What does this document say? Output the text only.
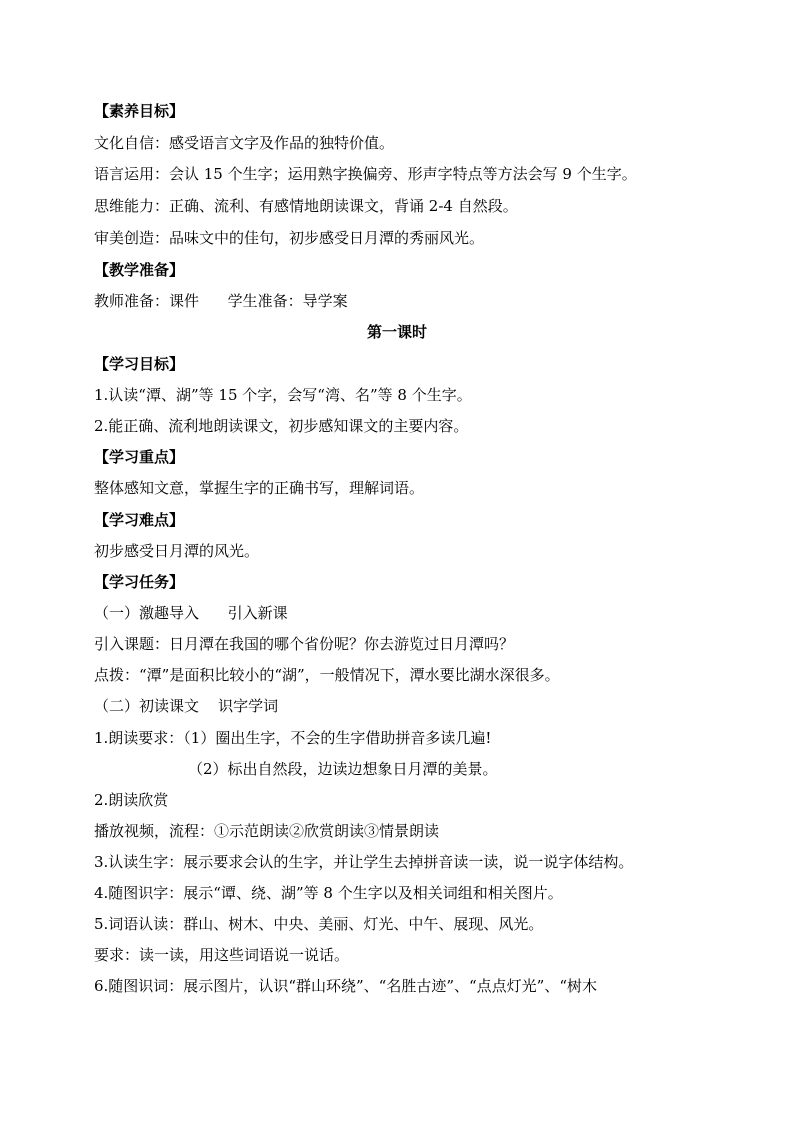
【素养目标】
文化自信：感受语言文字及作品的独特价值。
语言运用：会认 15 个生字；运用熟字换偏旁、形声字特点等方法会写 9 个生字。
思维能力：正确、流利、有感情地朗读课文，背诵 2-4 自然段。
审美创造：品味文中的佳句，初步感受日月潭的秀丽风光。
【教学准备】
教师准备：课件      学生准备：导学案
第一课时
【学习目标】
1.认读“潭、湖”等 15 个字，会写“湾、名”等 8 个生字。
2.能正确、流利地朗读课文，初步感知课文的主要内容。
【学习重点】
整体感知文意，掌握生字的正确书写，理解词语。
【学习难点】
初步感受日月潭的风光。
【学习任务】
（一）激趣导入      引入新课
引入课题：日月潭在我国的哪个省份呢？你去游览过日月潭吗？
点拨：“潭”是面积比较小的“湖”，一般情况下，潭水要比湖水深很多。
（二）初读课文    识字学词
1.朗读要求：（1）圈出生字，不会的生字借助拼音多读几遍!
（2）标出自然段，边读边想象日月潭的美景。
2.朗读欣赏
播放视频，流程：①示范朗读②欣赏朗读③情景朗读
3.认读生字：展示要求会认的生字，并让学生去掉拼音读一读，说一说字体结构。
4.随图识字：展示“谭、绕、湖”等 8 个生字以及相关词组和相关图片。
5.词语认读：群山、树木、中央、美丽、灯光、中午、展现、风光。
要求：读一读，用这些词语说一说话。
6.随图识词：展示图片，认识“群山环绕”、“名胜古迹”、“点点灯光”、“树木
